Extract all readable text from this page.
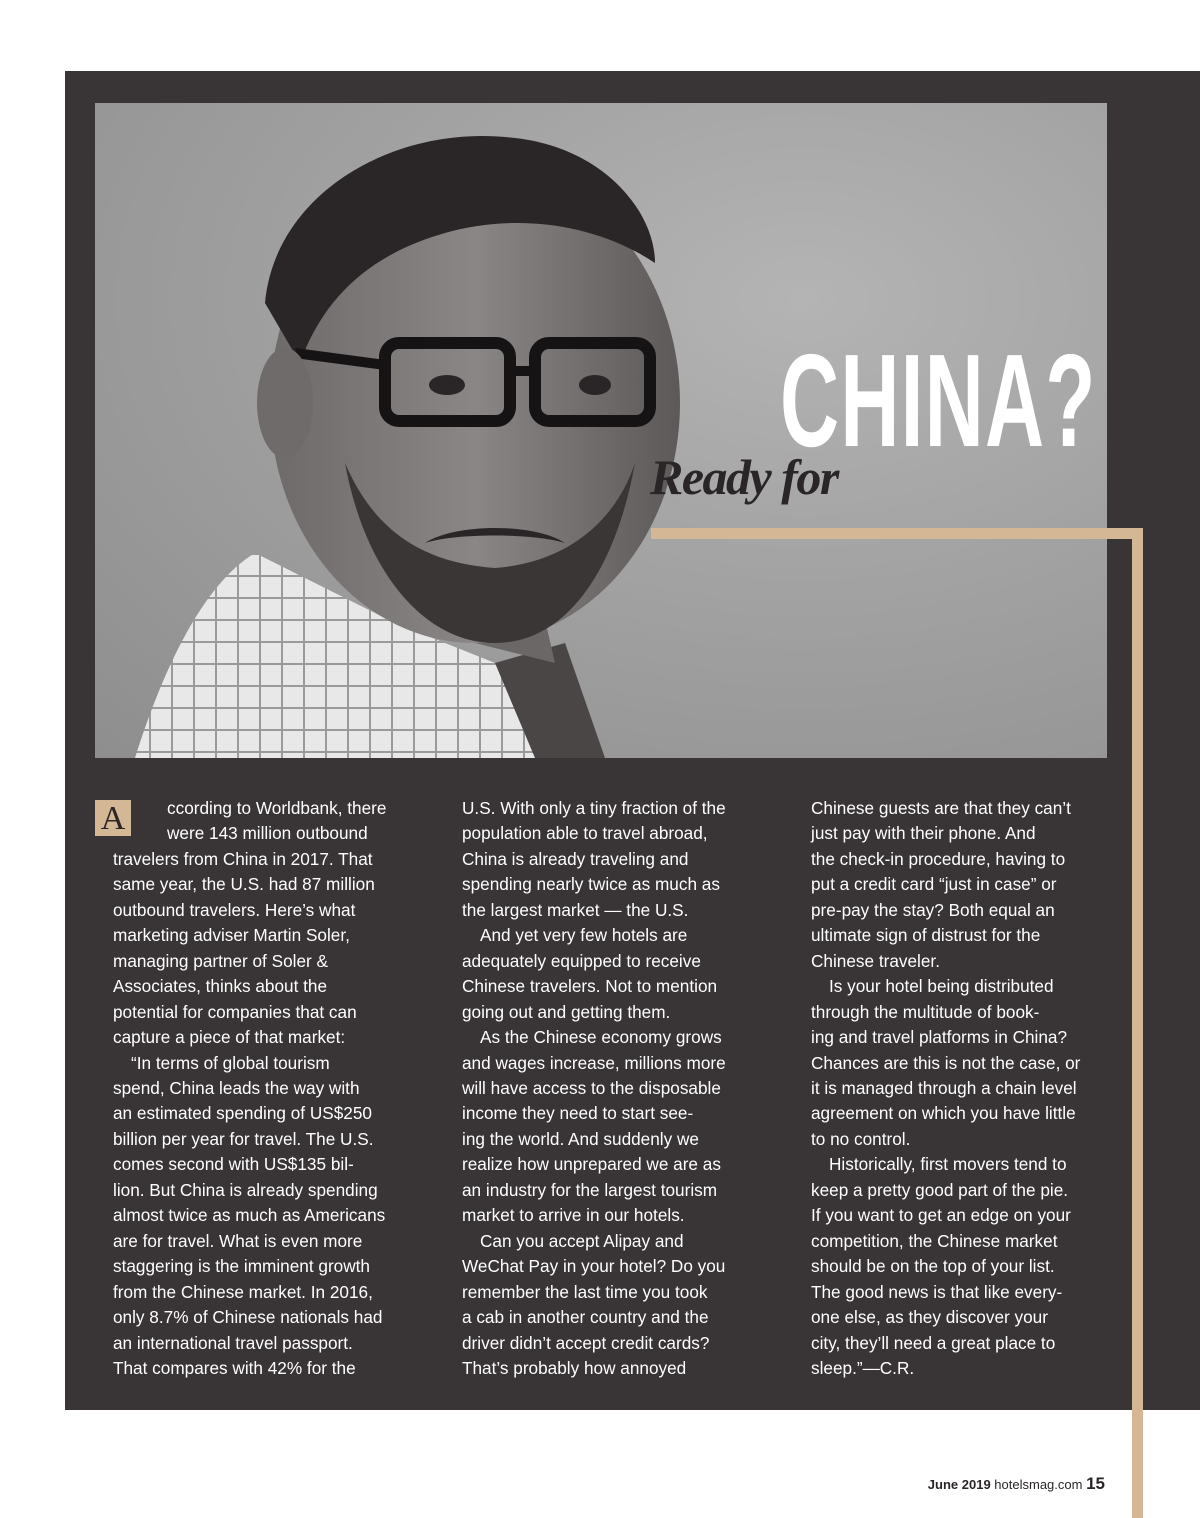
CHINA?
Ready for
A	ccording to Worldbank, there
were 143 million outbound
travelers from China in 2017. That
same year, the U.S. had 87 million
outbound travelers. Here’s what
marketing adviser Martin Soler,
managing partner of Soler &
Associates, thinks about the
potential for companies that can
capture a piece of that market:

“In terms of global tourism
spend, China leads the way with
an estimated spending of US$250
billion per year for travel. The U.S.
comes second with US$135 bil-
lion. But China is already spending
almost twice as much as Americans
are for travel. What is even more
staggering is the imminent growth
from the Chinese market. In 2016,
only 8.7% of Chinese nationals had
an international travel passport.
That compares with 42% for the

U.S. With only a tiny fraction of the
population able to travel abroad,
China is already traveling and
spending nearly twice as much as
the largest market — the U.S.

And yet very few hotels are
adequately equipped to receive
Chinese travelers. Not to mention
going out and getting them.

As the Chinese economy grows
and wages increase, millions more
will have access to the disposable
income they need to start see-
ing the world. And suddenly we
realize how unprepared we are as
an industry for the largest tourism
market to arrive in our hotels.

Can you accept Alipay and
WeChat Pay in your hotel? Do you
remember the last time you took
a cab in another country and the
driver didn’t accept credit cards?
That’s probably how annoyed

Chinese guests are that they can’t
just pay with their phone. And
the check-in procedure, having to
put a credit card “just in case” or
pre-pay the stay? Both equal an
ultimate sign of distrust for the
Chinese traveler.

Is your hotel being distributed
through the multitude of book-
ing and travel platforms in China?
Chances are this is not the case, or
it is managed through a chain level
agreement on which you have little
to no control.

Historically, first movers tend to
keep a pretty good part of the pie.
If you want to get an edge on your
competition, the Chinese market
should be on the top of your list.
The good news is that like every-
one else, as they discover your
city, they’ll need a great place to
sleep.”—C.R.

June 2019 hotelsmag.com 15
